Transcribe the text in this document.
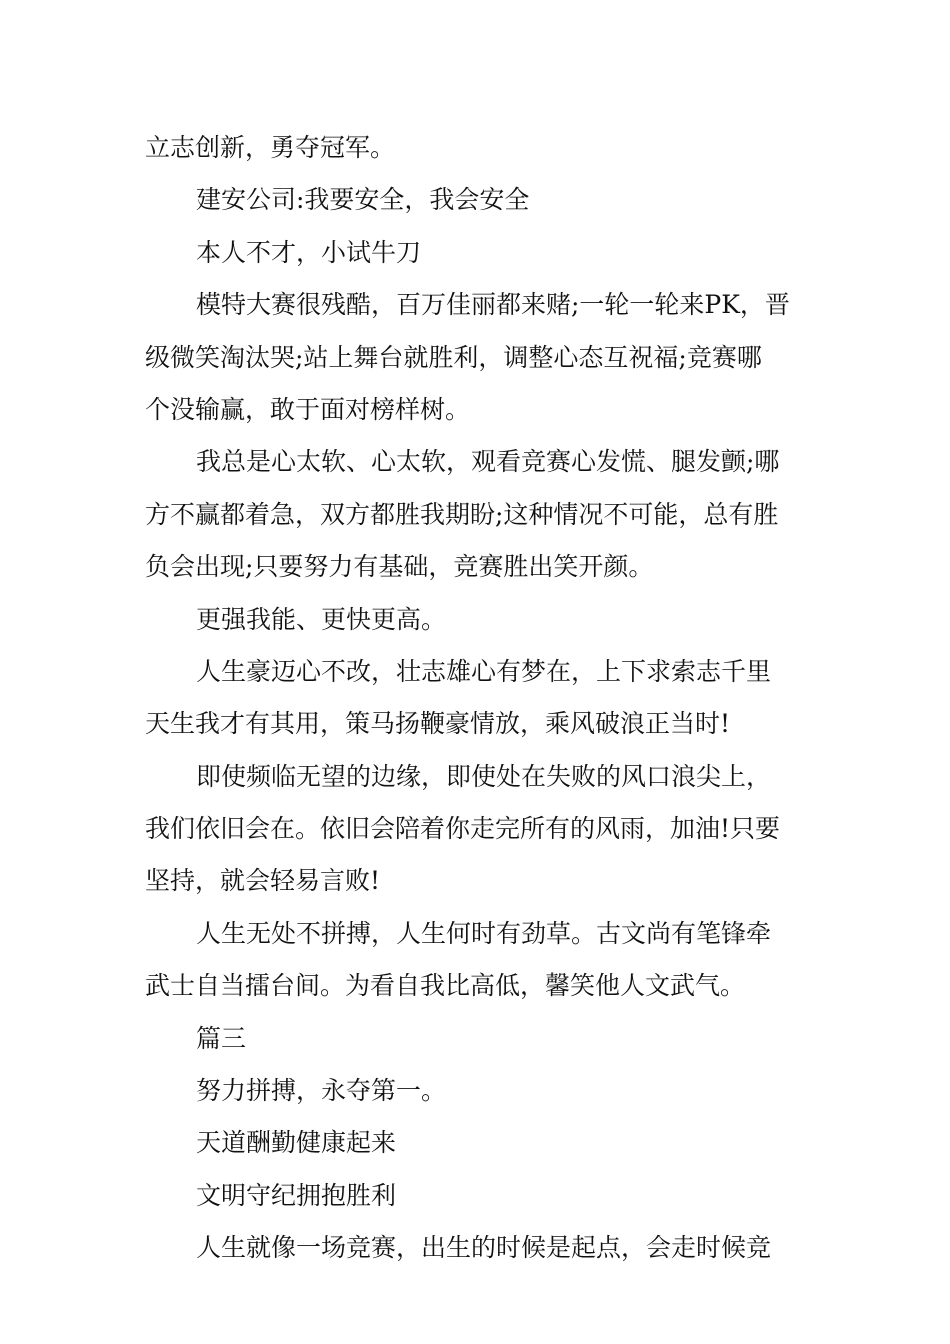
立志创新，勇夺冠军。
建安公司:我要安全，我会安全
本人不才，小试牛刀
模特大赛很残酷，百万佳丽都来赌;一轮一轮来PK，晋
级微笑淘汰哭;站上舞台就胜利，调整心态互祝福;竞赛哪
个没输赢，敢于面对榜样树。
我总是心太软、心太软，观看竞赛心发慌、腿发颤;哪
方不赢都着急，双方都胜我期盼;这种情况不可能，总有胜
负会出现;只要努力有基础，竞赛胜出笑开颜。
更强我能、更快更高。
人生豪迈心不改，壮志雄心有梦在，上下求索志千里
天生我才有其用，策马扬鞭豪情放，乘风破浪正当时!
即使频临无望的边缘，即使处在失败的风口浪尖上，
我们依旧会在。依旧会陪着你走完所有的风雨，加油!只要
坚持，就会轻易言败!
人生无处不拼搏，人生何时有劲草。古文尚有笔锋牵
武士自当擂台间。为看自我比高低，馨笑他人文武气。
篇三
努力拼搏，永夺第一。
天道酬勤健康起来
文明守纪拥抱胜利
人生就像一场竞赛，出生的时候是起点，会走时候竞
